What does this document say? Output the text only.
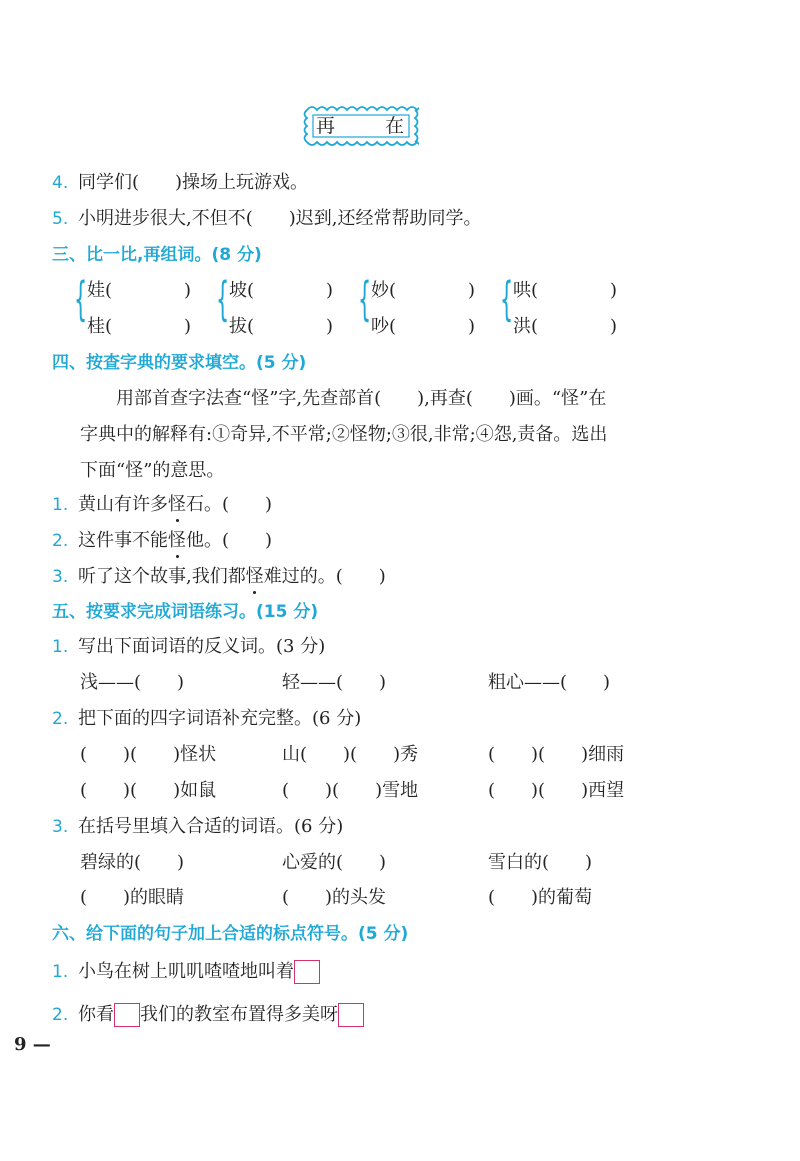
再	在
4. 同学们(　　)操场上玩游戏。
5. 小明进步很大,不但不(　　)迟到,还经常帮助同学。
三、比一比,再组词。(8 分)
{ 娃(　　　　)
桂(　　　　)
{ 坡(　　　　)
拔(　　　　)
{ 妙(　　　　)
吵(　　　　)
{ 哄(　　　　)
洪(　　　　)
四、按查字典的要求填空。(5 分)
用部首查字法查“怪”字,先查部首(　　),再查(　　)画。“怪”在
字典中的解释有:①奇异,不平常;②怪物;③很,非常;④怨,责备。选出
下面“怪”的意思。
1. 黄山有许多怪石。(　　)
2. 这件事不能怪他。(　　)
3. 听了这个故事,我们都怪难过的。(　　)
五、按要求完成词语练习。(15 分)
1. 写出下面词语的反义词。(3 分)
浅——(　　)	轻——(　　)	粗心——(　　)
2. 把下面的四字词语补充完整。(6 分)
(　　)(　　)怪状	山(　　)(　　)秀	(　　)(　　)细雨
(　　)(　　)如鼠	(　　)(　　)雪地	(　　)(　　)西望
3. 在括号里填入合适的词语。(6 分)
碧绿的(　　)	心爱的(　　)	雪白的(　　)
(　　)的眼睛	(　　)的头发	(　　)的葡萄
六、给下面的句子加上合适的标点符号。(5 分)
1. 小鸟在树上叽叽喳喳地叫着
2. 你看 我们的教室布置得多美呀
9 —
